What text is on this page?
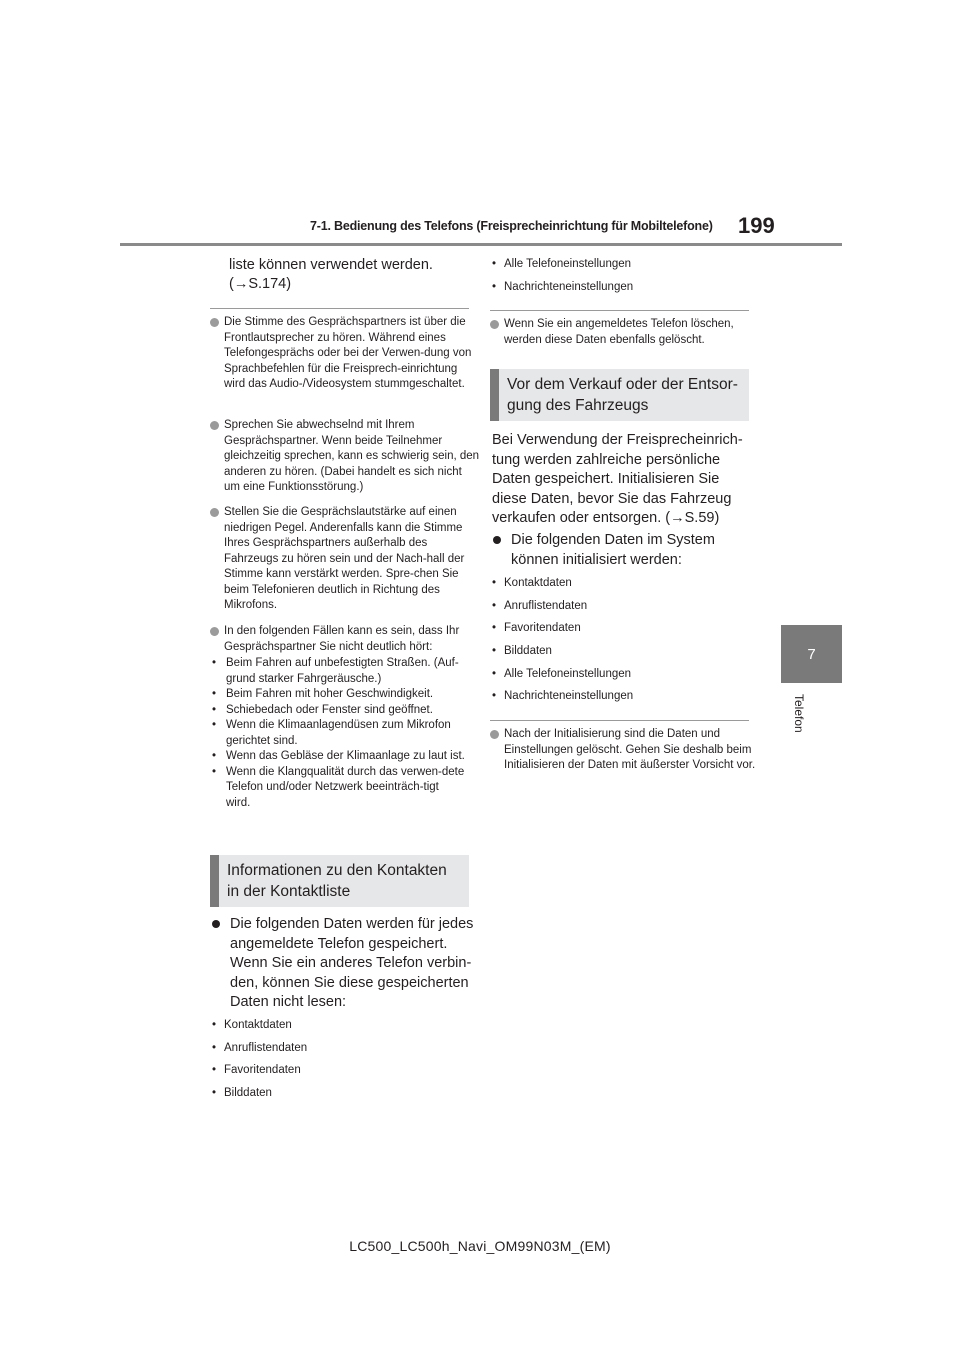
7-1. Bedienung des Telefons (Freisprecheinrichtung für Mobiltelefone) 199
7
Telefon
liste können verwendet werden.
(→S.174)

Die Stimme des Gesprächspartners ist über die Frontlautsprecher zu hören. Während eines Telefongesprächs oder bei der Verwen-dung von Sprachbefehlen für die Freisprech-einrichtung wird das Audio-/Videosystem stummgeschaltet.

Sprechen Sie abwechselnd mit Ihrem Gesprächspartner. Wenn beide Teilnehmer gleichzeitig sprechen, kann es schwierig sein, den anderen zu hören. (Dabei handelt es sich nicht um eine Funktionsstörung.)

Stellen Sie die Gesprächslautstärke auf einen niedrigen Pegel. Anderenfalls kann die Stimme Ihres Gesprächspartners außerhalb des Fahrzeugs zu hören sein und der Nach-hall der Stimme kann verstärkt werden. Spre-chen Sie beim Telefonieren deutlich in Richtung des Mikrofons.

In den folgenden Fällen kann es sein, dass Ihr Gesprächspartner Sie nicht deutlich hört:

• Beim Fahren auf unbefestigten Straßen. (Auf-grund starker Fahrgeräusche.)
• Beim Fahren mit hoher Geschwindigkeit.
• Schiebedach oder Fenster sind geöffnet.
• Wenn die Klimaanlagendüsen zum Mikrofon gerichtet sind.
• Wenn das Gebläse der Klimaanlage zu laut ist.
• Wenn die Klangqualität durch das verwen-dete Telefon und/oder Netzwerk beeinträch-tigt wird.
Informationen zu den Kontakten in der Kontaktliste
Die folgenden Daten werden für jedes angemeldete Telefon gespeichert. Wenn Sie ein anderes Telefon verbin-den, können Sie diese gespeicherten Daten nicht lesen:
• Kontaktdaten
• Anruflistendaten
• Favoritendaten
• Bilddaten
• Alle Telefoneinstellungen
• Nachrichteneinstellungen

Wenn Sie ein angemeldetes Telefon löschen, werden diese Daten ebenfalls gelöscht.

Vor dem Verkauf oder der Entsor-gung des Fahrzeugs
Bei Verwendung der Freisprecheinrich-tung werden zahlreiche persönliche Daten gespeichert. Initialisieren Sie diese Daten, bevor Sie das Fahrzeug verkaufen oder entsorgen. (→S.59)
Die folgenden Daten im System können initialisiert werden:
• Kontaktdaten
• Anruflistendaten
• Favoritendaten
• Bilddaten
• Alle Telefoneinstellungen
• Nachrichteneinstellungen

Nach der Initialisierung sind die Daten und Einstellungen gelöscht. Gehen Sie deshalb beim Initialisieren der Daten mit äußerster Vorsicht vor.

LC500_LC500h_Navi_OM99N03M_(EM)
